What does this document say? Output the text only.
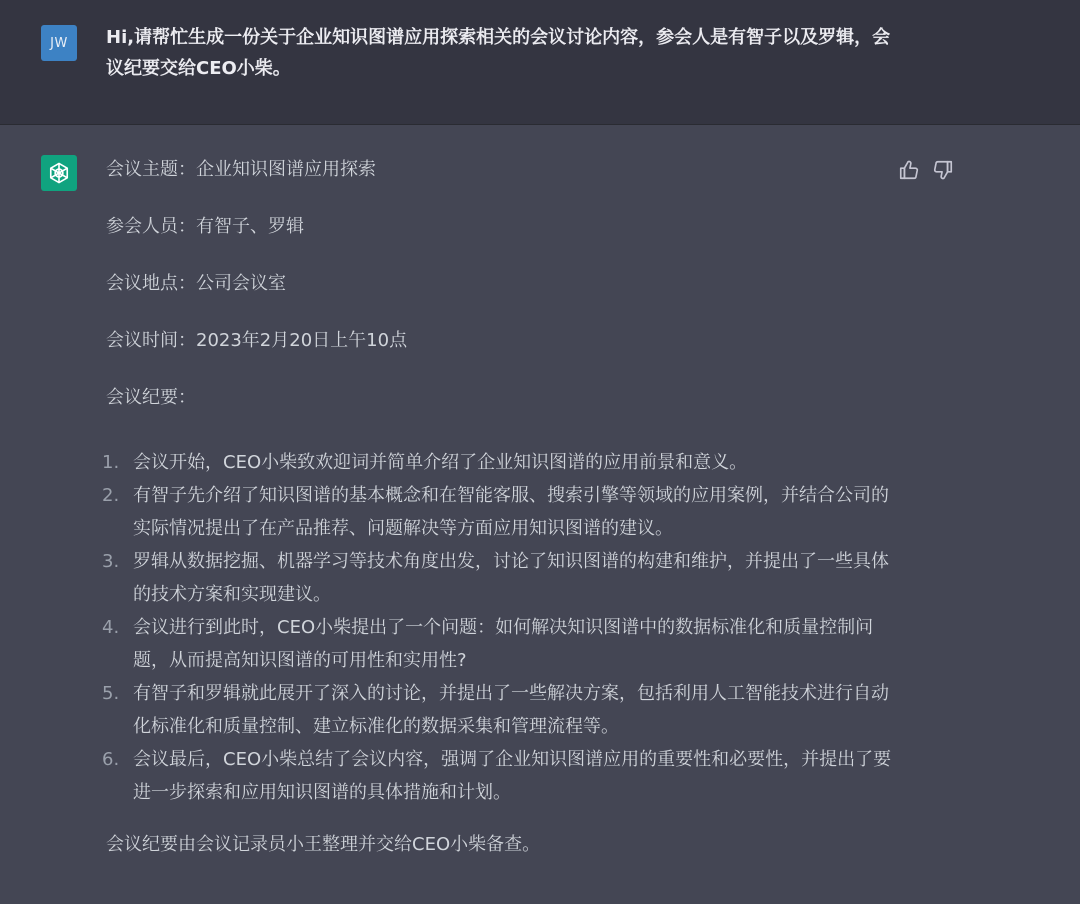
JW Hi,请帮忙生成一份关于企业知识图谱应用探索相关的会议讨论内容，参会人是有智子以及罗辑，会议纪要交给CEO小柴。

会议主题：企业知识图谱应用探索

参会人员：有智子、罗辑

会议地点：公司会议室

会议时间：2023年2月20日上午10点

会议纪要：

1. 会议开始，CEO小柴致欢迎词并简单介绍了企业知识图谱的应用前景和意义。
2. 有智子先介绍了知识图谱的基本概念和在智能客服、搜索引擎等领域的应用案例，并结合公司的实际情况提出了在产品推荐、问题解决等方面应用知识图谱的建议。
3. 罗辑从数据挖掘、机器学习等技术角度出发，讨论了知识图谱的构建和维护，并提出了一些具体的技术方案和实现建议。
4. 会议进行到此时，CEO小柴提出了一个问题：如何解决知识图谱中的数据标准化和质量控制问题，从而提高知识图谱的可用性和实用性?
5. 有智子和罗辑就此展开了深入的讨论，并提出了一些解决方案，包括利用人工智能技术进行自动化标准化和质量控制、建立标准化的数据采集和管理流程等。
6. 会议最后，CEO小柴总结了会议内容，强调了企业知识图谱应用的重要性和必要性，并提出了要进一步探索和应用知识图谱的具体措施和计划。

会议纪要由会议记录员小王整理并交给CEO小柴备查。
